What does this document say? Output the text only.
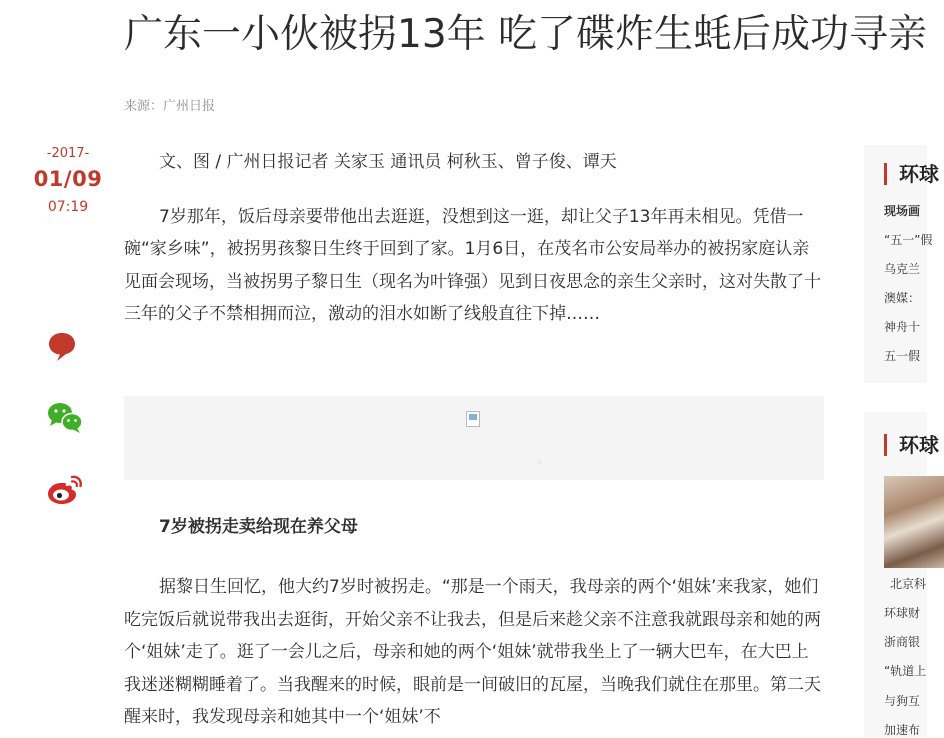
广东一小伙被拐13年 吃了碟炸生蚝后成功寻亲
来源：广州日报
-2017-
01/09
07:19

文、图 / 广州日报记者 关家玉 通讯员 柯秋玉、曾子俊、谭天

7岁那年，饭后母亲要带他出去逛逛，没想到这一逛，却让父子13年再未相见。凭借一碗“家乡味”，被拐男孩黎日生终于回到了家。1月6日，在茂名市公安局举办的被拐家庭认亲见面会现场，当被拐男子黎日生（现名为叶锋强）见到日夜思念的亲生父亲时，这对失散了十三年的父子不禁相拥而泣，激动的泪水如断了线般直往下掉……

░░░░░░░░░░░░░░░。
7岁被拐走卖给现在养父母

据黎日生回忆，他大约7岁时被拐走。“那是一个雨天，我母亲的两个‘姐妹’来我家，她们吃完饭后就说带我出去逛街，开始父亲不让我去，但是后来趁父亲不注意我就跟母亲和她的两个‘姐妹’走了。逛了一会儿之后，母亲和她的两个‘姐妹’就带我坐上了一辆大巴车，在大巴上我迷迷糊糊睡着了。当我醒来的时候，眼前是一间破旧的瓦屋，当晚我们就住在那里。第二天醒来时，我发现母亲和她其中一个‘姐妹’不

环球
现场画
“五一”假
乌克兰
澳媒：
神舟十
五一假
环球
北京科
环球财
浙商银
“轨道上
与狗互
加速布
